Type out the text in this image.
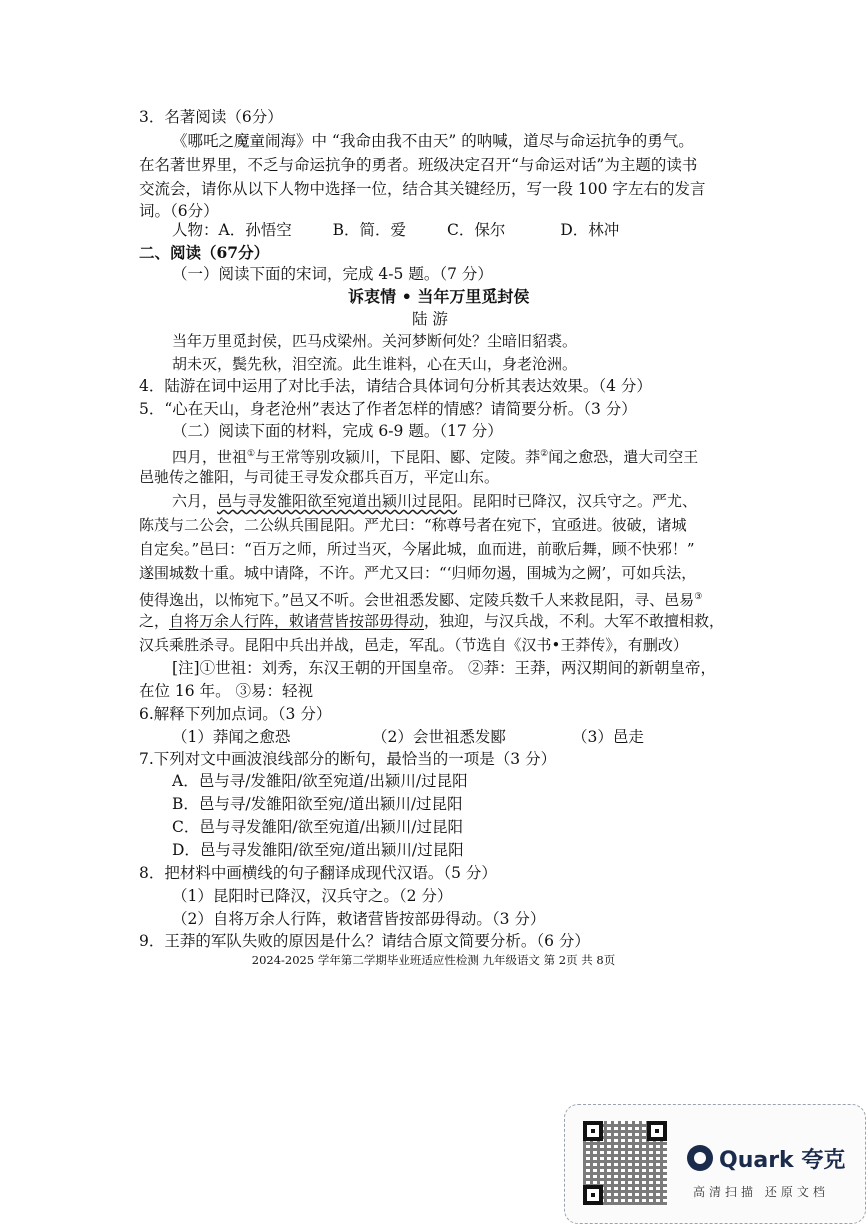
3．名著阅读（6分）
《哪吒之魔童闹海》中 “我命由我不由天” 的呐喊，道尽与命运抗争的勇气。
在名著世界里，不乏与命运抗争的勇者。班级决定召开“与命运对话”为主题的读书
交流会，请你从以下人物中选择一位，结合其关键经历，写一段 100 字左右的发言
词。（6分）
人物：A．孙悟空	B．简．爱	C．保尔	D．林冲
二、阅读（67分）
（一）阅读下面的宋词，完成 4-5 题。（7 分）
诉衷情 • 当年万里觅封侯
陆 游
当年万里觅封侯，匹马戍梁州。关河梦断何处？尘暗旧貂裘。
胡未灭，鬓先秋，泪空流。此生谁料，心在天山，身老沧洲。
4．陆游在词中运用了对比手法，请结合具体词句分析其表达效果。（4 分）
5．“心在天山，身老沧州”表达了作者怎样的情感？请简要分析。（3 分）
（二）阅读下面的材料，完成 6-9 题。（17 分）
四月，世祖①与王常等别攻颍川，下昆阳、郾、定陵。莽②闻之愈恐，遣大司空王
邑驰传之雒阳，与司徒王寻发众郡兵百万，平定山东。
六月，邑与寻发雒阳欲至宛道出颍川过昆阳。昆阳时已降汉，汉兵守之。严尤、
陈茂与二公会，二公纵兵围昆阳。严尤曰：“称尊号者在宛下，宜亟进。彼破，诸城
自定矣。”邑曰：“百万之师，所过当灭，今屠此城，血而进，前歌后舞，顾不快邪！”
遂围城数十重。城中请降，不许。严尤又曰：“‘归师勿遏，围城为之阙’，可如兵法，
使得逸出，以怖宛下。”邑又不听。会世祖悉发郾、定陵兵数千人来救昆阳，寻、邑易③
之，自将万余人行阵，敕诸营皆按部毋得动，独迎，与汉兵战，不利。大军不敢擅相救，
汉兵乘胜杀寻。昆阳中兵出并战，邑走，军乱。（节选自《汉书•王莽传》，有删改）
[注]①世祖：刘秀，东汉王朝的开国皇帝。 ②莽：王莽，两汉期间的新朝皇帝，
在位 16 年。 ③易：轻视
6.解释下列加点词。（3 分）
（1）莽闻之愈恐	（2）会世祖悉发郾	（3）邑走
7.下列对文中画波浪线部分的断句，最恰当的一项是（3 分）
A．邑与寻/发雒阳/欲至宛道/出颍川/过昆阳
B．邑与寻/发雒阳欲至宛/道出颍川/过昆阳
C．邑与寻发雒阳/欲至宛道/出颍川/过昆阳
D．邑与寻发雒阳/欲至宛/道出颍川/过昆阳
8．把材料中画横线的句子翻译成现代汉语。（5 分）
（1）昆阳时已降汉，汉兵守之。（2 分）
（2）自将万余人行阵，敕诸营皆按部毋得动。（3 分）
9．王莽的军队失败的原因是什么？请结合原文简要分析。（6 分）
2024-2025 学年第二学期毕业班适应性检测 九年级语文 第 2页 共 8页
Quark 夸克
高清扫描 还原文档
